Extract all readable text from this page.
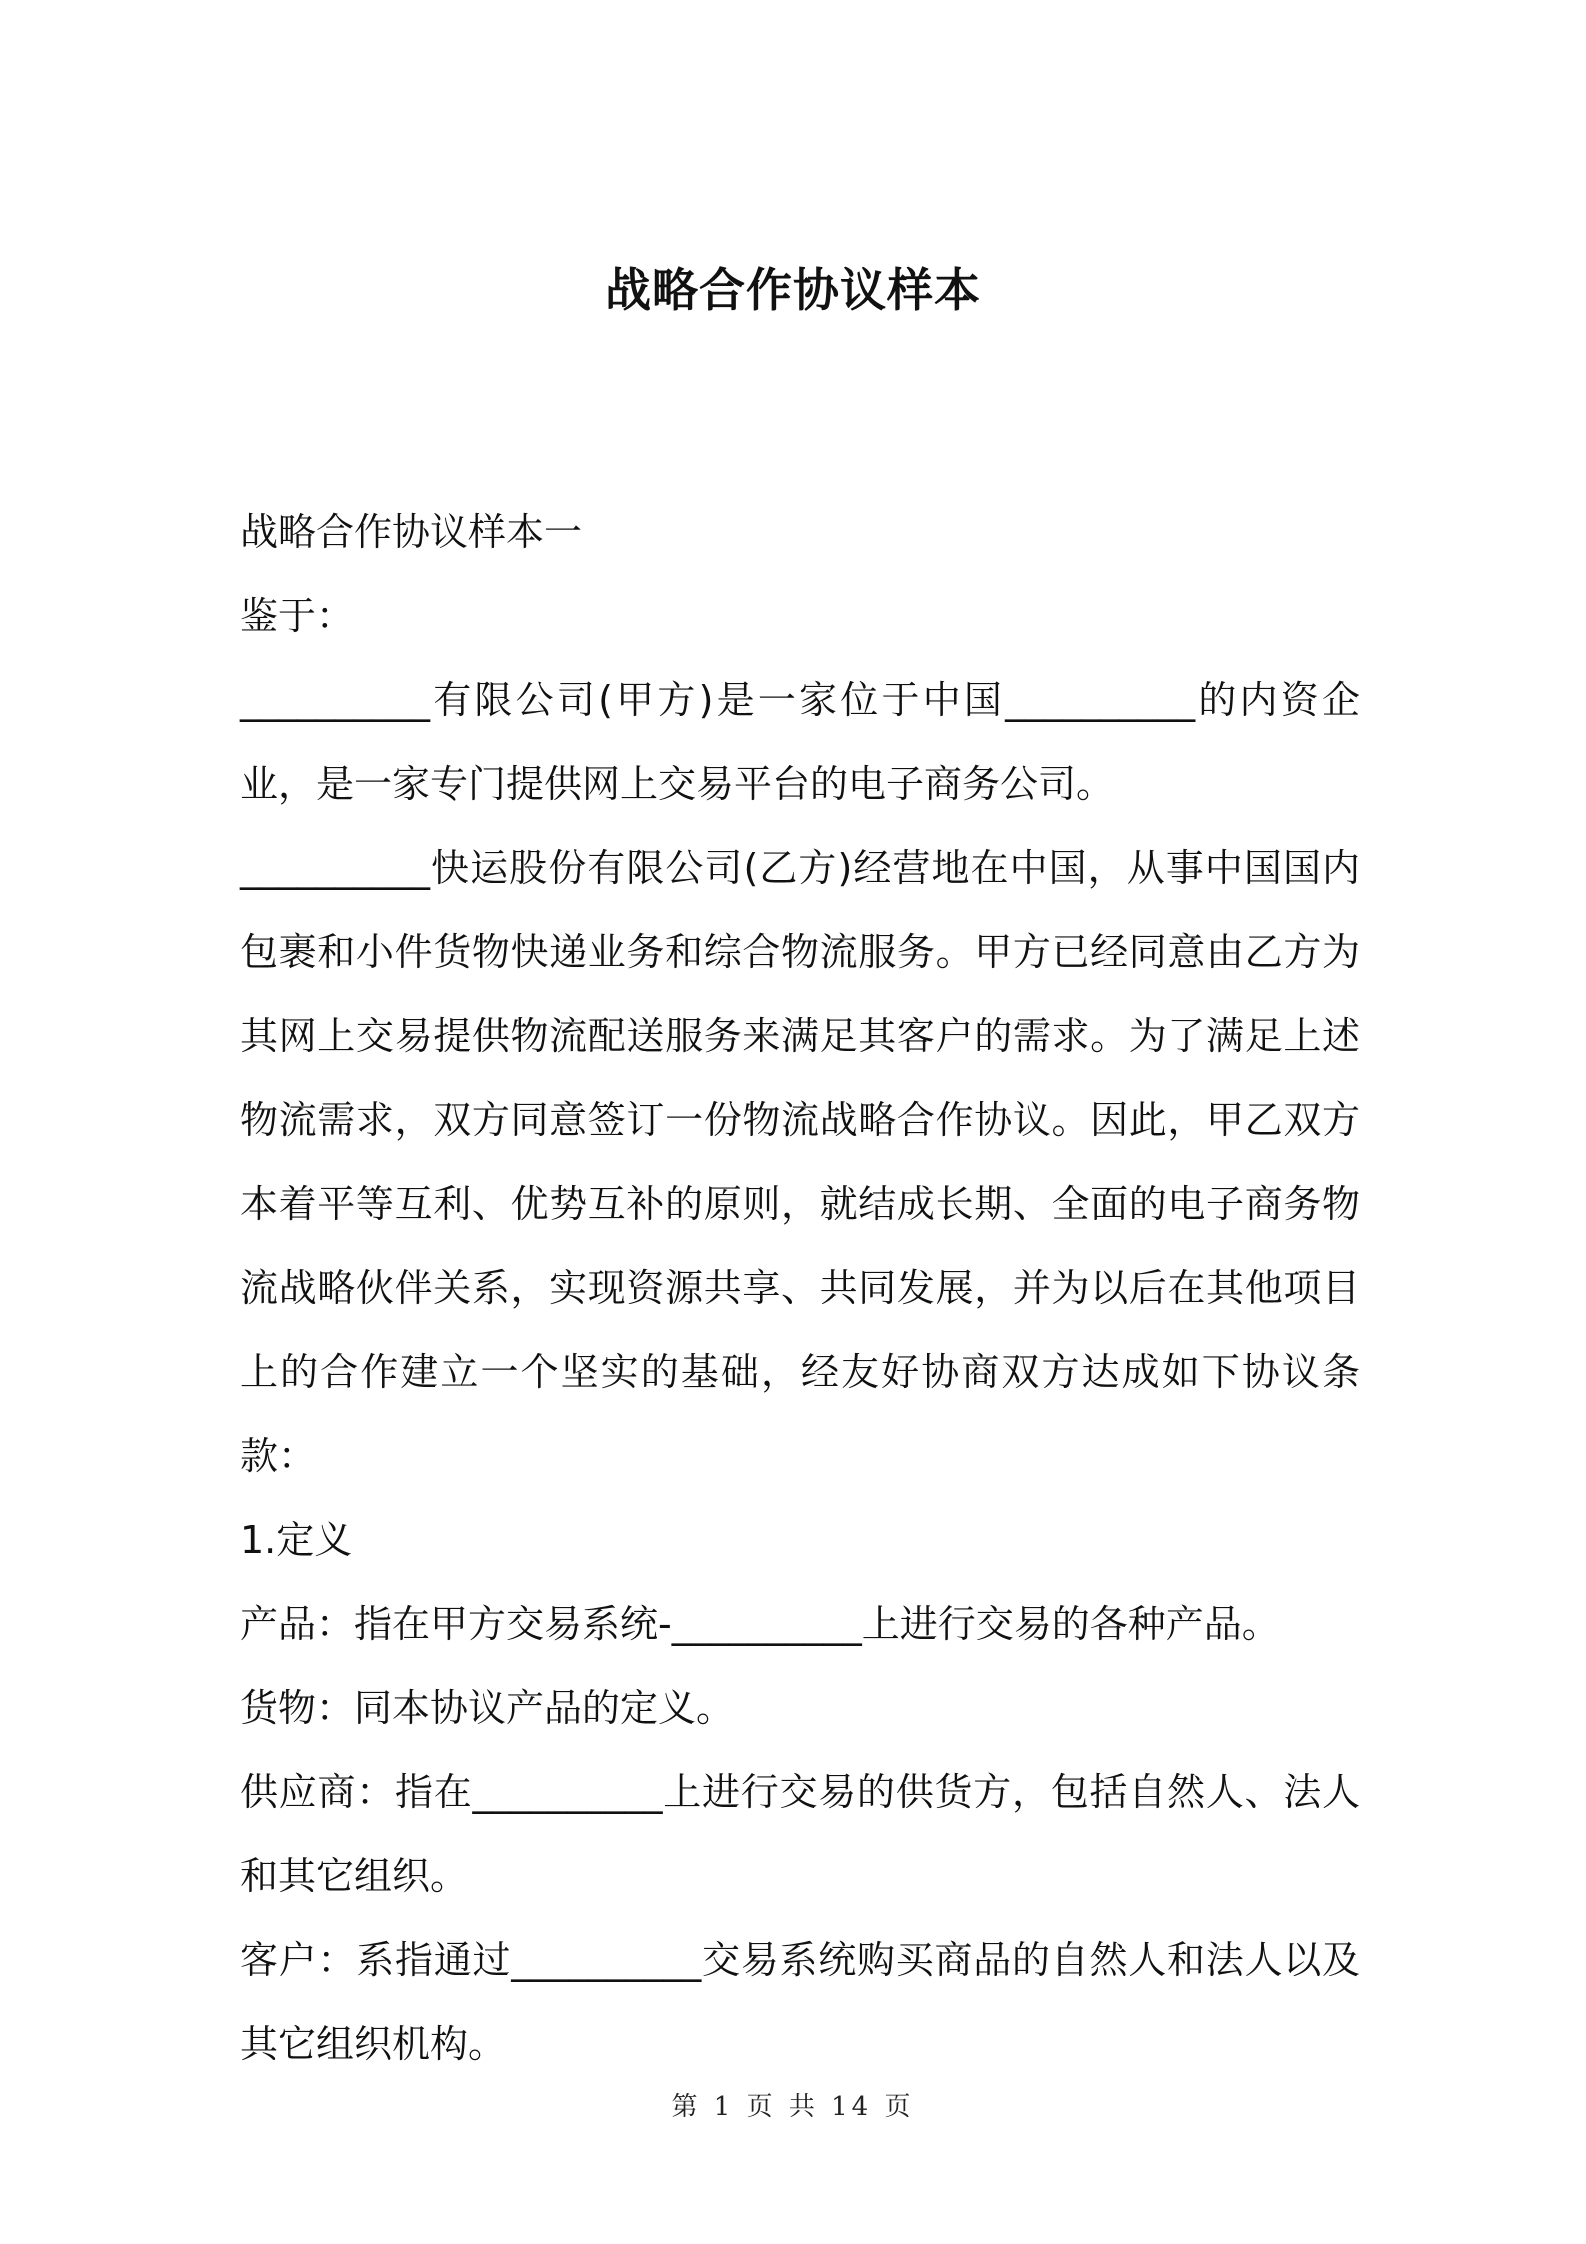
战略合作协议样本

战略合作协议样本一

鉴于：

__________有限公司(甲方)是一家位于中国__________的内资企业，是一家专门提供网上交易平台的电子商务公司。

__________快运股份有限公司(乙方)经营地在中国，从事中国国内包裹和小件货物快递业务和综合物流服务。甲方已经同意由乙方为其网上交易提供物流配送服务来满足其客户的需求。为了满足上述物流需求，双方同意签订一份物流战略合作协议。因此，甲乙双方本着平等互利、优势互补的原则，就结成长期、全面的电子商务物流战略伙伴关系，实现资源共享、共同发展，并为以后在其他项目上的合作建立一个坚实的基础，经友好协商双方达成如下协议条款：

1.定义

产品：指在甲方交易系统-__________上进行交易的各种产品。

货物：同本协议产品的定义。

供应商：指在__________上进行交易的供货方，包括自然人、法人和其它组织。

客户：系指通过__________交易系统购买商品的自然人和法人以及其它组织机构。

第 1 页 共 14 页
